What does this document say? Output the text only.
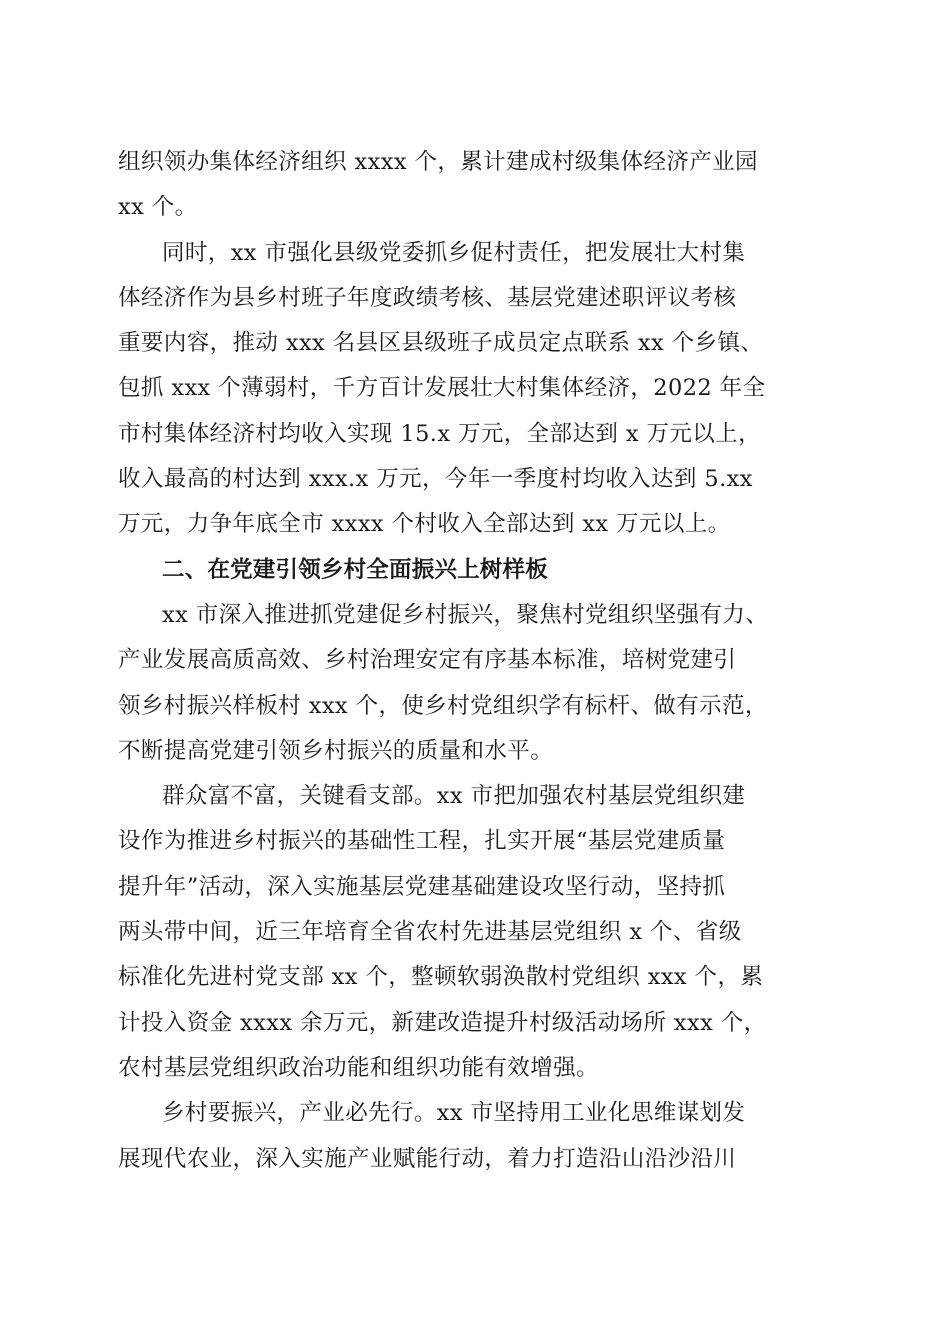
组织领办集体经济组织 xxxx 个，累计建成村级集体经济产业园
xx 个。
同时，xx 市强化县级党委抓乡促村责任，把发展壮大村集
体经济作为县乡村班子年度政绩考核、基层党建述职评议考核
重要内容，推动 xxx 名县区县级班子成员定点联系 xx 个乡镇、
包抓 xxx 个薄弱村，千方百计发展壮大村集体经济，2022 年全
市村集体经济村均收入实现 15.x 万元，全部达到 x 万元以上，
收入最高的村达到 xxx.x 万元，今年一季度村均收入达到 5.xx
万元，力争年底全市 xxxx 个村收入全部达到 xx 万元以上。
二、在党建引领乡村全面振兴上树样板
xx 市深入推进抓党建促乡村振兴，聚焦村党组织坚强有力、
产业发展高质高效、乡村治理安定有序基本标准，培树党建引
领乡村振兴样板村 xxx 个，使乡村党组织学有标杆、做有示范，
不断提高党建引领乡村振兴的质量和水平。
群众富不富，关键看支部。xx 市把加强农村基层党组织建
设作为推进乡村振兴的基础性工程，扎实开展“基层党建质量
提升年”活动，深入实施基层党建基础建设攻坚行动，坚持抓
两头带中间，近三年培育全省农村先进基层党组织 x 个、省级
标准化先进村党支部 xx 个，整顿软弱涣散村党组织 xxx 个，累
计投入资金 xxxx 余万元，新建改造提升村级活动场所 xxx 个，
农村基层党组织政治功能和组织功能有效增强。
乡村要振兴，产业必先行。xx 市坚持用工业化思维谋划发
展现代农业，深入实施产业赋能行动，着力打造沿山沿沙沿川
